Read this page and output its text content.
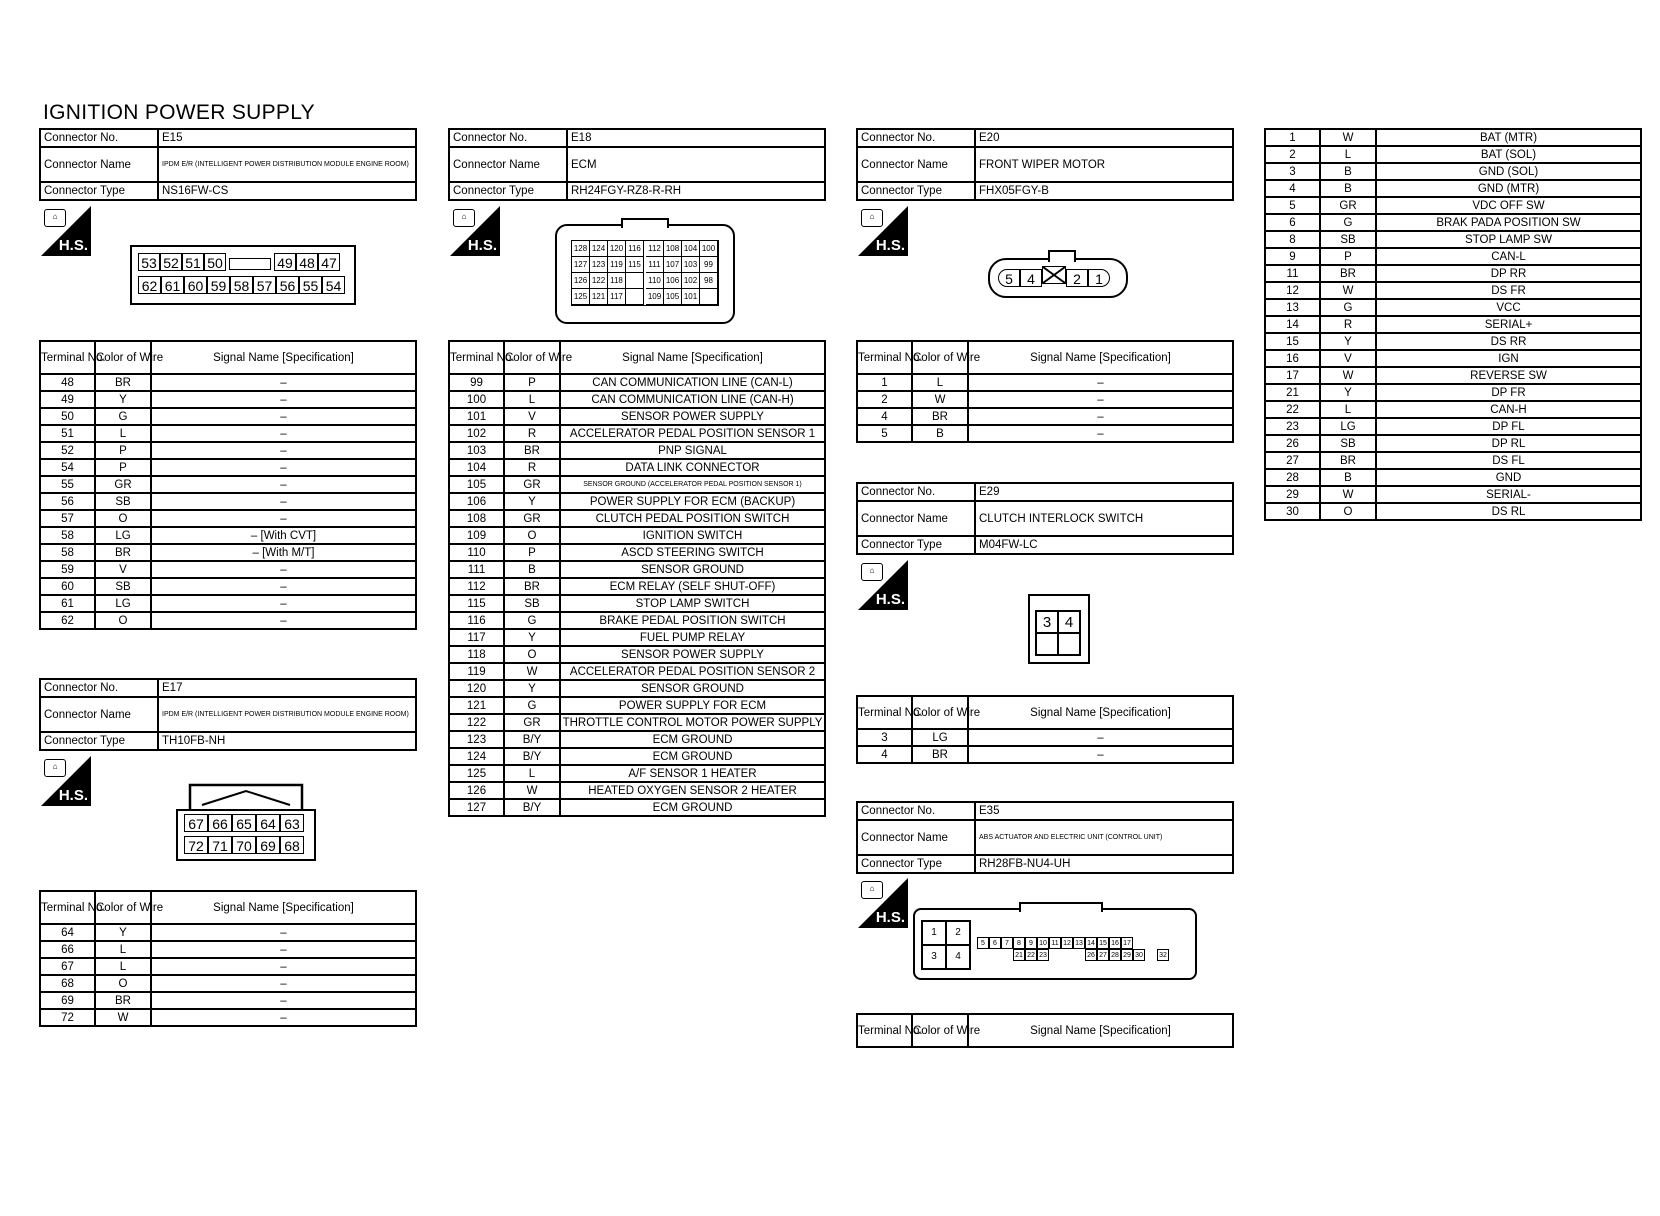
IGNITION POWER SUPPLY
Connector No.	E15
Connector Name	IPDM E/R (INTELLIGENT POWER DISTRIBUTION MODULE ENGINE ROOM)
Connector Type	NS16FW-CS
⌂
H.S.
53 52 51 50	49 48 47
62 61 60 59 58 57 56 55 54
Terminal No.	Color of Wire	Signal Name [Specification]
48	BR	–
49	Y	–
50	G	–
51	L	–
52	P	–
54	P	–
55	GR	–
56	SB	–
57	O	–
58	LG	– [With CVT]
58	BR	– [With M/T]
59	V	–
60	SB	–
61	LG	–
62	O	–
Connector No.	E17
Connector Name	IPDM E/R (INTELLIGENT POWER DISTRIBUTION MODULE ENGINE ROOM)
Connector Type	TH10FB-NH
⌂
H.S.
67 66 65 64 63
72 71 70 69 68
Terminal No.	Color of Wire	Signal Name [Specification]
64	Y	–
66	L	–
67	L	–
68	O	–
69	BR	–
72	W	–
Connector No.	E18
Connector Name	ECM
Connector Type	RH24FGY-RZ8-R-RH
⌂
H.S.	128 124 120 116 112 108 104 100
127 123 119 115 111 107 103 99
126 122 118	110 106 102 98
125 121 117	109 105 101
Terminal No.	Color of Wire	Signal Name [Specification]
99	P	CAN COMMUNICATION LINE (CAN-L)
100	L	CAN COMMUNICATION LINE (CAN-H)
101	V	SENSOR POWER SUPPLY
102	R	ACCELERATOR PEDAL POSITION SENSOR 1
103	BR	PNP SIGNAL
104	R	DATA LINK CONNECTOR
105	GR	SENSOR GROUND (ACCELERATOR PEDAL POSITION SENSOR 1)
106	Y	POWER SUPPLY FOR ECM (BACKUP)
108	GR	CLUTCH PEDAL POSITION SWITCH
109	O	IGNITION SWITCH
110	P	ASCD STEERING SWITCH
111	B	SENSOR GROUND
112	BR	ECM RELAY (SELF SHUT-OFF)
115	SB	STOP LAMP SWITCH
116	G	BRAKE PEDAL POSITION SWITCH
117	Y	FUEL PUMP RELAY
118	O	SENSOR POWER SUPPLY
119	W	ACCELERATOR PEDAL POSITION SENSOR 2
120	Y	SENSOR GROUND
121	G	POWER SUPPLY FOR ECM
122	GR	THROTTLE CONTROL MOTOR POWER SUPPLY
123	B/Y	ECM GROUND
124	B/Y	ECM GROUND
125	L	A/F SENSOR 1 HEATER
126	W	HEATED OXYGEN SENSOR 2 HEATER
127	B/Y	ECM GROUND
Connector No.	E20
Connector Name	FRONT WIPER MOTOR
Connector Type	FHX05FGY-B
⌂
H.S.
5 4	2 1
Terminal No.	Color of Wire	Signal Name [Specification]
1	L	–
2	W	–
4	BR	–
5	B	–
Connector No.	E29
Connector Name	CLUTCH INTERLOCK SWITCH
Connector Type	M04FW-LC
⌂
H.S.
3 4
Terminal No.	Color of Wire	Signal Name [Specification]
3	LG	–
4	BR	–
Connector No.	E35
Connector Name	ABS ACTUATOR AND ELECTRIC UNIT (CONTROL UNIT)
Connector Type	RH28FB-NU4-UH
⌂
H.S.
1	2
3	4
5 6 7 8 9 10 11 12 13 14 15 16 17
21 22 23	26 27 28 29 30 32
Terminal No.	Color of Wire	Signal Name [Specification]
1	W	BAT (MTR)
2	L	BAT (SOL)
3	B	GND (SOL)
4	B	GND (MTR)
5	GR	VDC OFF SW
6	G	BRAK PADA POSITION SW
8	SB	STOP LAMP SW
9	P	CAN-L
11	BR	DP RR
12	W	DS FR
13	G	VCC
14	R	SERIAL+
15	Y	DS RR
16	V	IGN
17	W	REVERSE SW
21	Y	DP FR
22	L	CAN-H
23	LG	DP FL
26	SB	DP RL
27	BR	DS FL
28	B	GND
29	W	SERIAL-
30	O	DS RL
